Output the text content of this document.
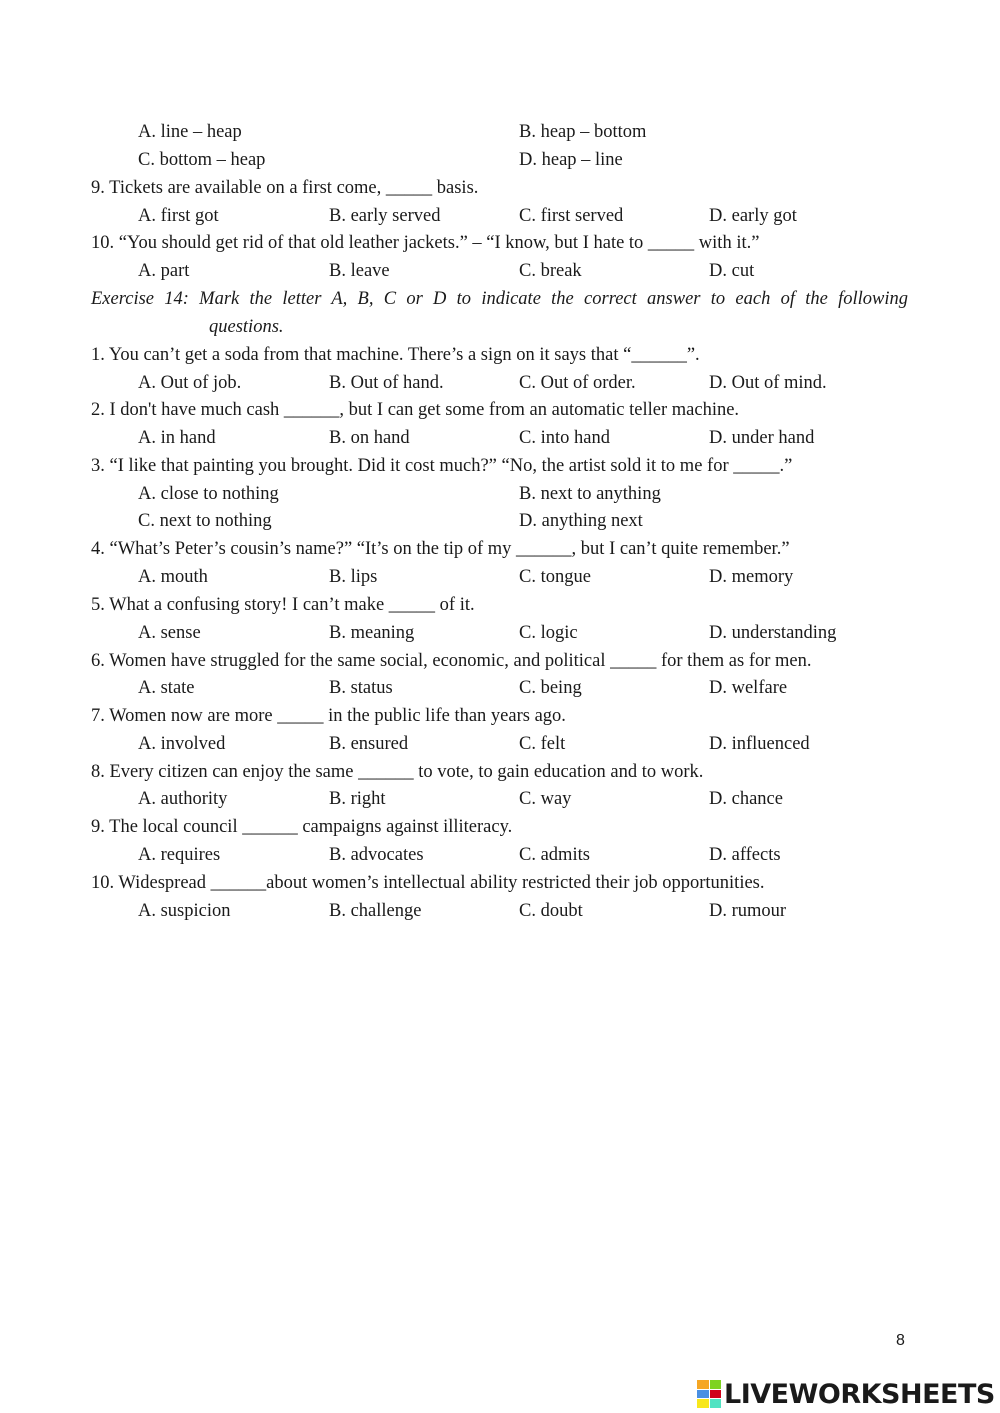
A. line – heap	B. heap – bottom
C. bottom – heap	D. heap – line
9. Tickets are available on a first come, _____ basis.
A. first got	B. early served	C. first served	D. early got
10. “You should get rid of that old leather jackets.” – “I know, but I hate to _____ with it.”
A. part	B. leave	C. break	D. cut
Exercise 14: Mark the letter A, B, C or D to indicate the correct answer to each of the following
questions.
1. You can’t get a soda from that machine. There’s a sign on it says that “______”.
A. Out of job.	B. Out of hand.	C. Out of order.	D. Out of mind.
2. I don't have much cash ______, but I can get some from an automatic teller machine.
A. in hand	B. on hand	C. into hand	D. under hand
3. “I like that painting you brought. Did it cost much?” “No, the artist sold it to me for _____.”
A. close to nothing	B. next to anything
C. next to nothing	D. anything next
4. “What’s Peter’s cousin’s name?” “It’s on the tip of my ______, but I can’t quite remember.”
A. mouth	B. lips	C. tongue	D. memory
5. What a confusing story! I can’t make _____ of it.
A. sense	B. meaning	C. logic	D. understanding
6. Women have struggled for the same social, economic, and political _____ for them as for men.
A. state	B. status	C. being	D. welfare
7. Women now are more _____ in the public life than years ago.
A. involved	B. ensured	C. felt	D. influenced
8. Every citizen can enjoy the same ______ to vote, to gain education and to work.
A. authority	B. right	C. way	D. chance
9. The local council ______ campaigns against illiteracy.
A. requires	B. advocates	C. admits	D. affects
10. Widespread ______about women’s intellectual ability restricted their job opportunities.
A. suspicion	B. challenge	C. doubt	D. rumour
8
LIVEWORKSHEETS
